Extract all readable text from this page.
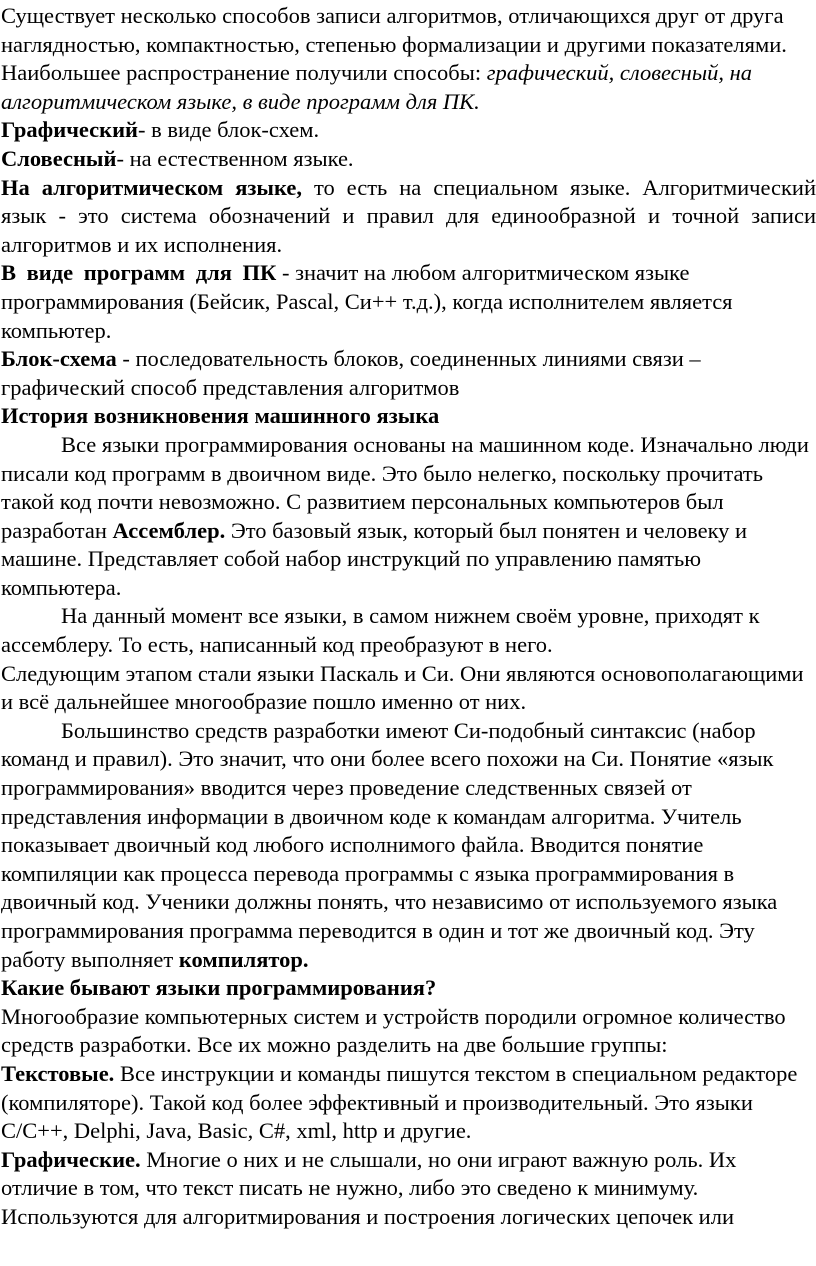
Существует несколько способов записи алгоритмов, отличающихся друг от друга наглядностью, компактностью, степенью формализации и другими показателями. Наибольшее распространение получили способы: графический, словесный, на алгоритмическом языке, в виде программ для ПК.

Графический- в виде блок-схем.

Словесный- на естественном языке.

На алгоритмическом языке, то есть на специальном языке. Алгоритмический язык - это система обозначений и правил для единообразной и точной записи алгоритмов и их исполнения.

В виде программ для ПК - значит на любом алгоритмическом языке программирования (Бейсик, Pascal, Си++ т.д.), когда исполнителем является компьютер.

Блок-схема - последовательность блоков, соединенных линиями связи – графический способ представления алгоритмов

История возникновения машинного языка

Все языки программирования основаны на машинном коде. Изначально люди писали код программ в двоичном виде. Это было нелегко, поскольку прочитать такой код почти невозможно. С развитием персональных компьютеров был разработан Ассемблер. Это базовый язык, который был понятен и человеку и машине. Представляет собой набор инструкций по управлению памятью компьютера.

На данный момент все языки, в самом нижнем своём уровне, приходят к ассемблеру. То есть, написанный код преобразуют в него.

Следующим этапом стали языки Паскаль и Си. Они являются основополагающими и всё дальнейшее многообразие пошло именно от них.

Большинство средств разработки имеют Си-подобный синтаксис (набор команд и правил). Это значит, что они более всего похожи на Си. Понятие «язык программирования» вводится через проведение следственных связей от представления информации в двоичном коде к командам алгоритма. Учитель показывает двоичный код любого исполнимого файла. Вводится понятие компиляции как процесса перевода программы с языка программирования в двоичный код. Ученики должны понять, что независимо от используемого языка программирования программа переводится в один и тот же двоичный код. Эту работу выполняет компилятор.

Какие бывают языки программирования?

Многообразие компьютерных систем и устройств породили огромное количество средств разработки. Все их можно разделить на две большие группы:

Текстовые. Все инструкции и команды пишутся текстом в специальном редакторе (компиляторе). Такой код более эффективный и производительный. Это языки C/C++, Delphi, Java, Basic, C#, xml, http и другие.

Графические. Многие о них и не слышали, но они играют важную роль. Их отличие в том, что текст писать не нужно, либо это сведено к минимуму. Используются для алгоритмирования и построения логических цепочек или
